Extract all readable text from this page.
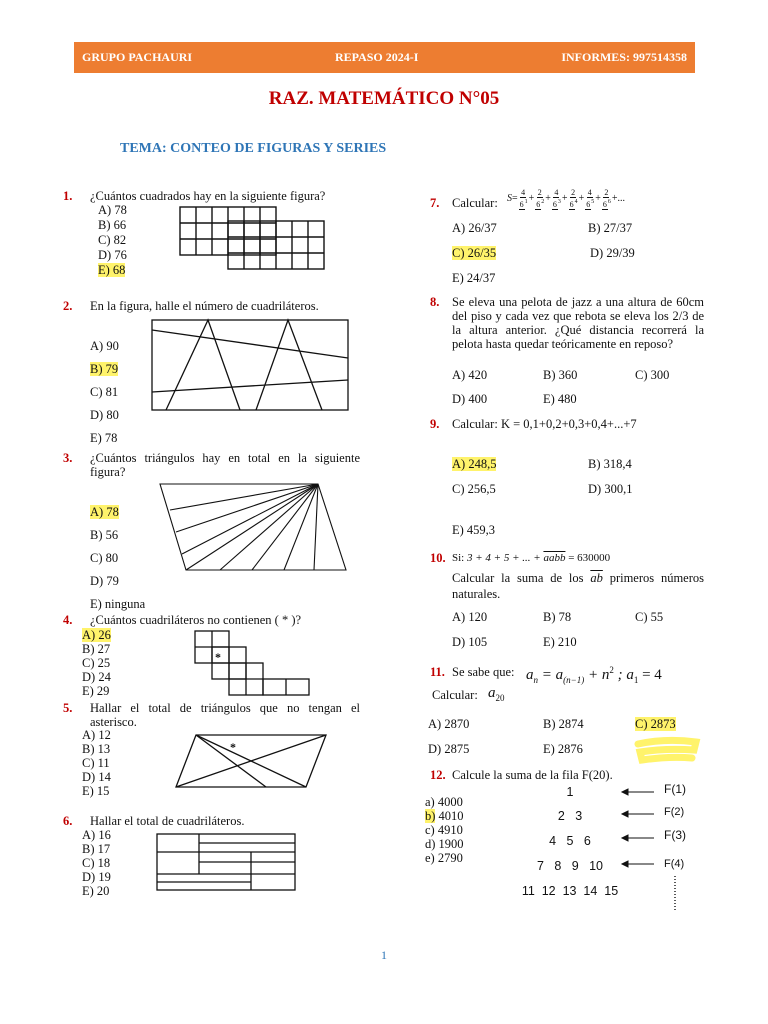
GRUPO PACHAURI	REPASO 2024-I	INFORMES: 997514358
RAZ. MATEMÁTICO N°05
TEMA: CONTEO DE FIGURAS Y SERIES
1. ¿Cuántos cuadrados hay en la siguiente figura?
A) 78
B) 66
C) 82
D) 76
E) 68
2. En la figura, halle el número de cuadriláteros.
A) 90
B) 79
C) 81
D) 80
E) 78
3. ¿Cuántos triángulos hay en total en la siguiente figura?
A) 78
B) 56
C) 80
D) 79
E) ninguna
4. ¿Cuántos cuadriláteros no contienen ( * )?
A) 26
B) 27
C) 25
D) 24
E) 29
*
5. Hallar el total de triángulos que no tengan el asterisco.
A) 12
B) 13
C) 11
D) 14
E) 15
*
6. Hallar el total de cuadriláteros.
A) 16
B) 17
C) 18
D) 19
E) 20
7. Calcular: $S = \frac{4}{6^1} + \frac{2}{6^2} + \frac{4}{6^3} + \frac{2}{6^4} + \frac{4}{6^5} + \frac{2}{6^6}$ +...
A) 26/37	B) 27/37
C) 26/35	D) 29/39
E) 24/37
8. Se eleva una pelota de jazz a una altura de 60cm del piso y cada vez que rebota se eleva los 2/3 de la altura anterior. ¿Qué distancia recorrerá la pelota hasta quedar teóricamente en reposo?
A) 420	B) 360	C) 300
D) 400	E) 480
9. Calcular: K = 0,1+0,2+0,3+0,4+...+7
A) 248,5	B) 318,4
C) 256,5	D) 300,1
E) 459,3
10. Si: 3 + 4 + 5 + ... + aabb = 630000
Calcular la suma de los $\overline{ab}$ primeros números naturales.
A) 120	B) 78	C) 55
D) 105	E) 210
11. Se sabe que: $a_n = a_{(n-1)} + n^2$ ; $a_1 = 4$
Calcular: $a_{20}$
A) 2870	B) 2874	C) 2873
D) 2875	E) 2876
12. Calcule la suma de la fila F(20).
a) 4000
b) 4010
c) 4910
d) 1900
e) 2790

1

2   3

4   5   6

7   8   9   10

11  12  13  14  15

F(1)
F(2)
F(3)
F(4)
1
